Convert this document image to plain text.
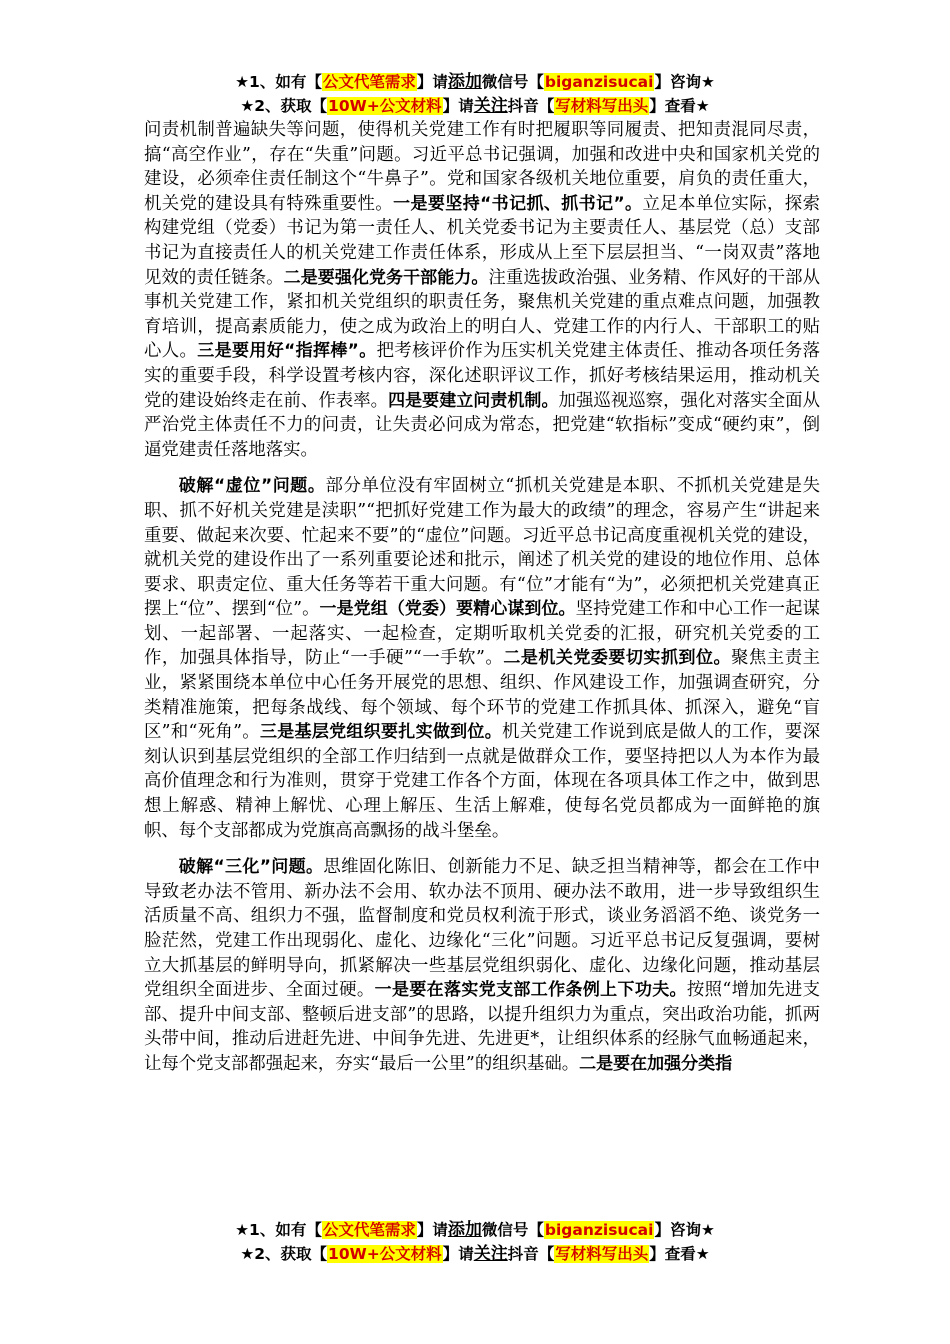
★1、如有【公文代笔需求】请添加微信号【biganzisucai】咨询★
★2、获取【10W+公文材料】请关注抖音【写材料写出头】查看★

问责机制普遍缺失等问题，使得机关党建工作有时把履职等同履责、把知责混同尽责，搞“高空作业”，存在“失重”问题。习近平总书记强调，加强和改进中央和国家机关党的建设，必须牵住责任制这个“牛鼻子”。党和国家各级机关地位重要，肩负的责任重大，机关党的建设具有特殊重要性。一是要坚持“书记抓、抓书记”。立足本单位实际，探索构建党组（党委）书记为第一责任人、机关党委书记为主要责任人、基层党（总）支部书记为直接责任人的机关党建工作责任体系，形成从上至下层层担当、“一岗双责”落地见效的责任链条。二是要强化党务干部能力。注重选拔政治强、业务精、作风好的干部从事机关党建工作，紧扣机关党组织的职责任务，聚焦机关党建的重点难点问题，加强教育培训，提高素质能力，使之成为政治上的明白人、党建工作的内行人、干部职工的贴心人。三是要用好“指挥棒”。把考核评价作为压实机关党建主体责任、推动各项任务落实的重要手段，科学设置考核内容，深化述职评议工作，抓好考核结果运用，推动机关党的建设始终走在前、作表率。四是要建立问责机制。加强巡视巡察，强化对落实全面从严治党主体责任不力的问责，让失责必问成为常态，把党建“软指标”变成“硬约束”，倒逼党建责任落地落实。

破解“虚位”问题。部分单位没有牢固树立“抓机关党建是本职、不抓机关党建是失职、抓不好机关党建是渎职”“把抓好党建工作为最大的政绩”的理念，容易产生“讲起来重要、做起来次要、忙起来不要”的“虚位”问题。习近平总书记高度重视机关党的建设，就机关党的建设作出了一系列重要论述和批示，阐述了机关党的建设的地位作用、总体要求、职责定位、重大任务等若干重大问题。有“位”才能有“为”，必须把机关党建真正摆上“位”、摆到“位”。一是党组（党委）要精心谋到位。坚持党建工作和中心工作一起谋划、一起部署、一起落实、一起检查，定期听取机关党委的汇报，研究机关党委的工作，加强具体指导，防止“一手硬”“一手软”。二是机关党委要切实抓到位。聚焦主责主业，紧紧围绕本单位中心任务开展党的思想、组织、作风建设工作，加强调查研究，分类精准施策，把每条战线、每个领域、每个环节的党建工作抓具体、抓深入，避免“盲区”和“死角”。三是基层党组织要扎实做到位。机关党建工作说到底是做人的工作，要深刻认识到基层党组织的全部工作归结到一点就是做群众工作，要坚持把以人为本作为最高价值理念和行为准则，贯穿于党建工作各个方面，体现在各项具体工作之中，做到思想上解惑、精神上解忧、心理上解压、生活上解难，使每名党员都成为一面鲜艳的旗帜、每个支部都成为党旗高高飘扬的战斗堡垒。

破解“三化”问题。思维固化陈旧、创新能力不足、缺乏担当精神等，都会在工作中导致老办法不管用、新办法不会用、软办法不顶用、硬办法不敢用，进一步导致组织生活质量不高、组织力不强，监督制度和党员权利流于形式，谈业务滔滔不绝、谈党务一脸茫然，党建工作出现弱化、虚化、边缘化“三化”问题。习近平总书记反复强调，要树立大抓基层的鲜明导向，抓紧解决一些基层党组织弱化、虚化、边缘化问题，推动基层党组织全面进步、全面过硬。一是要在落实党支部工作条例上下功夫。按照“增加先进支部、提升中间支部、整顿后进支部”的思路，以提升组织力为重点，突出政治功能，抓两头带中间，推动后进赶先进、中间争先进、先进更*，让组织体系的经脉气血畅通起来，让每个党支部都强起来，夯实“最后一公里”的组织基础。二是要在加强分类指

★1、如有【公文代笔需求】请添加微信号【biganzisucai】咨询★
★2、获取【10W+公文材料】请关注抖音【写材料写出头】查看★
